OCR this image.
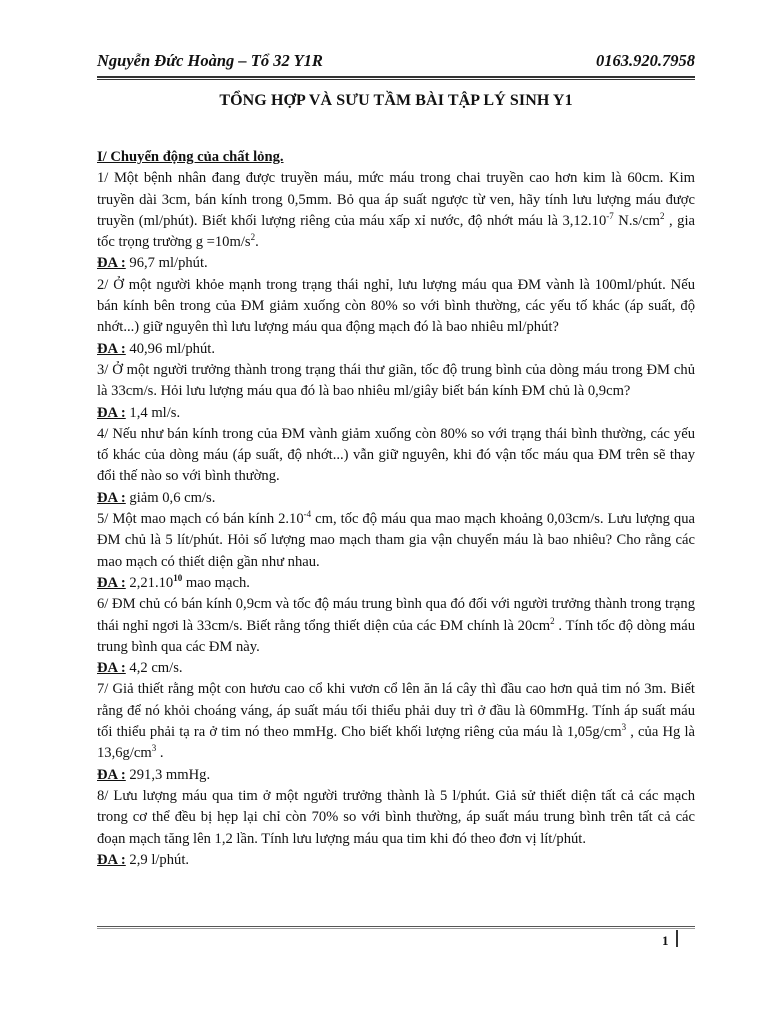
Nguyễn Đức Hoàng – Tổ 32 Y1R	0163.920.7958
TỔNG HỢP VÀ SƯU TẦM BÀI TẬP LÝ SINH Y1

I/ Chuyển động của chất lỏng.

1/ Một bệnh nhân đang được truyền máu, mức máu trong chai truyền cao hơn kim là 60cm. Kim truyền dài 3cm, bán kính trong 0,5mm. Bỏ qua áp suất ngược từ ven, hãy tính lưu lượng máu được truyền (ml/phút). Biết khối lượng riêng của máu xấp xỉ nước, độ nhớt máu là $3,12.10^{-7}$ $N.s/cm^2$ , gia tốc trọng trường $g =10m/s^2$.

ĐA : 96,7 ml/phút.

2/ Ở một người khỏe mạnh trong trạng thái nghỉ, lưu lượng máu qua ĐM vành là 100ml/phút. Nếu bán kính bên trong của ĐM giảm xuống còn 80% so với bình thường, các yếu tố khác (áp suất, độ nhớt...) giữ nguyên thì lưu lượng máu qua động mạch đó là bao nhiêu ml/phút?

ĐA : 40,96 ml/phút.

3/ Ở một người trưởng thành trong trạng thái thư giãn, tốc độ trung bình của dòng máu trong ĐM chủ là 33cm/s. Hỏi lưu lượng máu qua đó là bao nhiêu ml/giây biết bán kính ĐM chủ là 0,9cm?

ĐA : 1,4 ml/s.

4/ Nếu như bán kính trong của ĐM vành giảm xuống còn 80% so với trạng thái bình thường, các yếu tố khác của dòng máu (áp suất, độ nhớt...) vẫn giữ nguyên, khi đó vận tốc máu qua ĐM trên sẽ thay đổi thế nào so với bình thường.

ĐA : giảm 0,6 cm/s.

5/ Một mao mạch có bán kính $2.10^{-4}$ cm, tốc độ máu qua mao mạch khoảng 0,03cm/s. Lưu lượng qua ĐM chủ là 5 lít/phút. Hỏi số lượng mao mạch tham gia vận chuyển máu là bao nhiêu? Cho rằng các mao mạch có thiết diện gần như nhau.

ĐA : 2,21.10$^{10}$ mao mạch.

6/ ĐM chủ có bán kính 0,9cm và tốc độ máu trung bình qua đó đối với người trưởng thành trong trạng thái nghỉ ngơi là 33cm/s. Biết rằng tổng thiết diện của các ĐM chính là $20cm^2$ . Tính tốc độ dòng máu trung bình qua các ĐM này.

ĐA : 4,2 cm/s.

7/ Giả thiết rằng một con hươu cao cổ khi vươn cổ lên ăn lá cây thì đầu cao hơn quả tim nó 3m. Biết rằng để nó khỏi choáng váng, áp suất máu tối thiểu phải duy trì ở đầu là 60mmHg. Tính áp suất máu tối thiểu phải tạ ra ở tim nó theo mmHg. Cho biết khối lượng riêng của máu là $1,05g/cm^3$ , của Hg là $13,6g/cm^3$ .

ĐA : 291,3 mmHg.

8/ Lưu lượng máu qua tim ở một người trưởng thành là 5 l/phút. Giả sử thiết diện tất cả các mạch trong cơ thể đều bị hẹp lại chỉ còn 70% so với bình thường, áp suất máu trung bình trên tất cả các đoạn mạch tăng lên 1,2 lần. Tính lưu lượng máu qua tim khi đó theo đơn vị lít/phút.

ĐA : 2,9 l/phút.

1
